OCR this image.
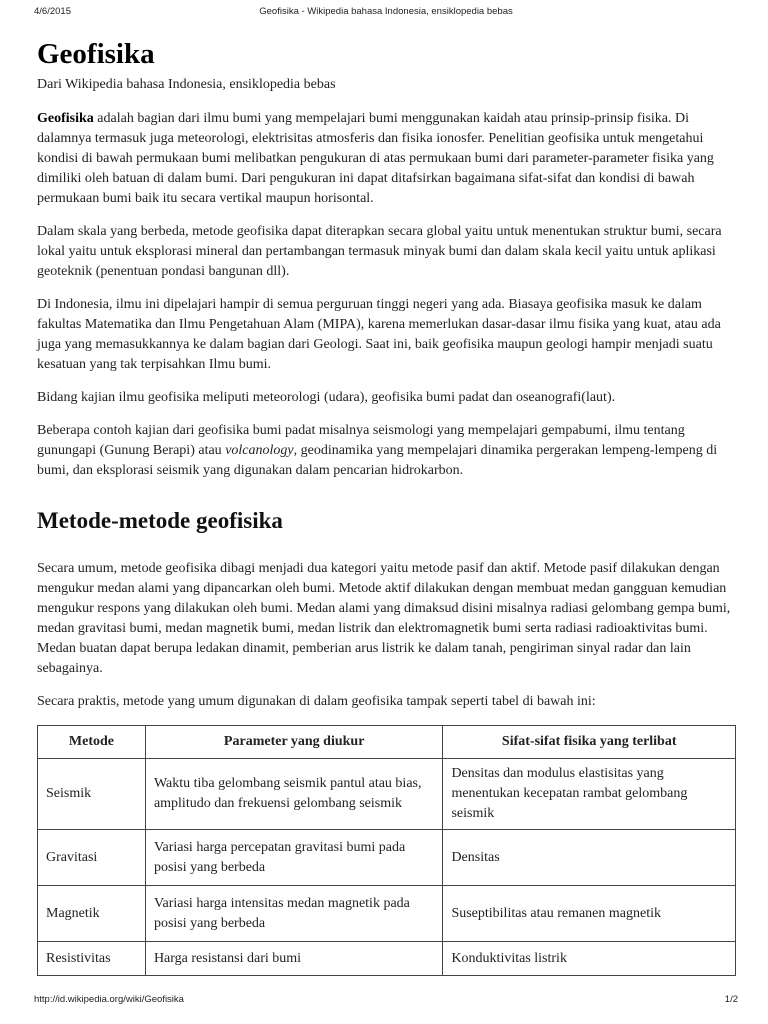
4/6/2015	Geofisika - Wikipedia bahasa Indonesia, ensiklopedia bebas
Geofisika
Dari Wikipedia bahasa Indonesia, ensiklopedia bebas

Geofisika adalah bagian dari ilmu bumi yang mempelajari bumi menggunakan kaidah atau prinsip-prinsip fisika. Di dalamnya termasuk juga meteorologi, elektrisitas atmosferis dan fisika ionosfer. Penelitian geofisika untuk mengetahui kondisi di bawah permukaan bumi melibatkan pengukuran di atas permukaan bumi dari parameter-parameter fisika yang dimiliki oleh batuan di dalam bumi. Dari pengukuran ini dapat ditafsirkan bagaimana sifat-sifat dan kondisi di bawah permukaan bumi baik itu secara vertikal maupun horisontal.

Dalam skala yang berbeda, metode geofisika dapat diterapkan secara global yaitu untuk menentukan struktur bumi, secara lokal yaitu untuk eksplorasi mineral dan pertambangan termasuk minyak bumi dan dalam skala kecil yaitu untuk aplikasi geoteknik (penentuan pondasi bangunan dll).

Di Indonesia, ilmu ini dipelajari hampir di semua perguruan tinggi negeri yang ada. Biasaya geofisika masuk ke dalam fakultas Matematika dan Ilmu Pengetahuan Alam (MIPA), karena memerlukan dasar-dasar ilmu fisika yang kuat, atau ada juga yang memasukkannya ke dalam bagian dari Geologi. Saat ini, baik geofisika maupun geologi hampir menjadi suatu kesatuan yang tak terpisahkan Ilmu bumi.

Bidang kajian ilmu geofisika meliputi meteorologi (udara), geofisika bumi padat dan oseanografi(laut).

Beberapa contoh kajian dari geofisika bumi padat misalnya seismologi yang mempelajari gempabumi, ilmu tentang gunungapi (Gunung Berapi) atau volcanology, geodinamika yang mempelajari dinamika pergerakan lempeng-lempeng di bumi, dan eksplorasi seismik yang digunakan dalam pencarian hidrokarbon.

Metode-metode geofisika

Secara umum, metode geofisika dibagi menjadi dua kategori yaitu metode pasif dan aktif. Metode pasif dilakukan dengan mengukur medan alami yang dipancarkan oleh bumi. Metode aktif dilakukan dengan membuat medan gangguan kemudian mengukur respons yang dilakukan oleh bumi. Medan alami yang dimaksud disini misalnya radiasi gelombang gempa bumi, medan gravitasi bumi, medan magnetik bumi, medan listrik dan elektromagnetik bumi serta radiasi radioaktivitas bumi. Medan buatan dapat berupa ledakan dinamit, pemberian arus listrik ke dalam tanah, pengiriman sinyal radar dan lain sebagainya.

Secara praktis, metode yang umum digunakan di dalam geofisika tampak seperti tabel di bawah ini:

Metode	Parameter yang diukur	Sifat-sifat fisika yang terlibat
Seismik	Waktu tiba gelombang seismik pantul atau bias, amplitudo dan frekuensi gelombang seismik	Densitas dan modulus elastisitas yang menentukan kecepatan rambat gelombang seismik
Gravitasi	Variasi harga percepatan gravitasi bumi pada posisi yang berbeda	Densitas
Magnetik	Variasi harga intensitas medan magnetik pada posisi yang berbeda	Suseptibilitas atau remanen magnetik
Resistivitas	Harga resistansi dari bumi	Konduktivitas listrik
http://id.wikipedia.org/wiki/Geofisika	1/2
